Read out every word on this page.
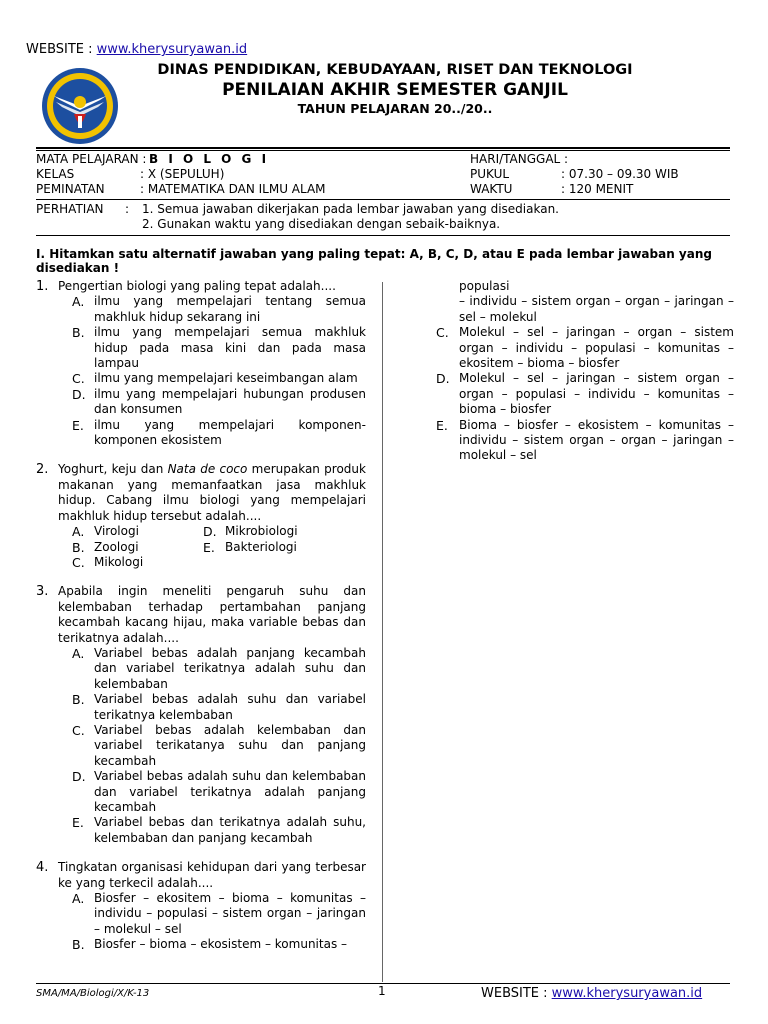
WEBSITE : www.kherysuryawan.id
DINAS PENDIDIKAN, KEBUDAYAAN, RISET DAN TEKNOLOGI
PENILAIAN AKHIR SEMESTER GANJIL
TAHUN PELAJARAN 20../20..
MATA PELAJARAN : B I O L O G I
KELAS	: X (SEPULUH)
PEMINATAN	: MATEMATIKA DAN ILMU ALAM
HARI/TANGGAL :
PUKUL	: 07.30 – 09.30 WIB
WAKTU	: 120 MENIT
PERHATIAN : 1. Semua jawaban dikerjakan pada lembar jawaban yang disediakan.
2. Gunakan waktu yang disediakan dengan sebaik-baiknya.
I. Hitamkan satu alternatif jawaban yang paling tepat: A, B, C, D, atau E pada lembar jawaban yang disediakan !
1. Pengertian biologi yang paling tepat adalah....
A. ilmu yang mempelajari tentang semua makhluk hidup sekarang ini
B. ilmu yang mempelajari semua makhluk hidup pada masa kini dan pada masa lampau
C. ilmu yang mempelajari keseimbangan alam
D. ilmu yang mempelajari hubungan produsen dan konsumen
E. ilmu yang mempelajari komponen-komponen ekosistem
2. Yoghurt, keju dan Nata de coco merupakan produk makanan yang memanfaatkan jasa makhluk hidup. Cabang ilmu biologi yang mempelajari makhluk hidup tersebut adalah....
A. Virologi	D. Mikrobiologi
B. Zoologi	E. Bakteriologi
C. Mikologi
3. Apabila ingin meneliti pengaruh suhu dan kelembaban terhadap pertambahan panjang kecambah kacang hijau, maka variable bebas dan terikatnya adalah....
A. Variabel bebas adalah panjang kecambah dan variabel terikatnya adalah suhu dan kelembaban
B. Variabel bebas adalah suhu dan variabel terikatnya kelembaban
C. Variabel bebas adalah kelembaban dan variabel terikatanya suhu dan panjang kecambah
D. Variabel bebas adalah suhu dan kelembaban dan variabel terikatnya adalah panjang kecambah
E. Variabel bebas dan terikatnya adalah suhu, kelembaban dan panjang kecambah
4. Tingkatan organisasi kehidupan dari yang terbesar ke yang terkecil adalah....
A. Biosfer – ekositem – bioma – komunitas – individu – populasi – sistem organ – jaringan – molekul – sel
B. Biosfer – bioma – ekosistem – komunitas –
populasi
– individu – sistem organ – organ – jaringan – sel – molekul
C. Molekul – sel – jaringan – organ – sistem organ – individu – populasi – komunitas – ekositem – bioma – biosfer
D. Molekul – sel – jaringan – sistem organ – organ – populasi – individu – komunitas – bioma – biosfer
E. Bioma – biosfer – ekosistem – komunitas – individu – sistem organ – organ – jaringan – molekul – sel
SMA/MA/Biologi/X/K-13	1	WEBSITE : www.kherysuryawan.id
